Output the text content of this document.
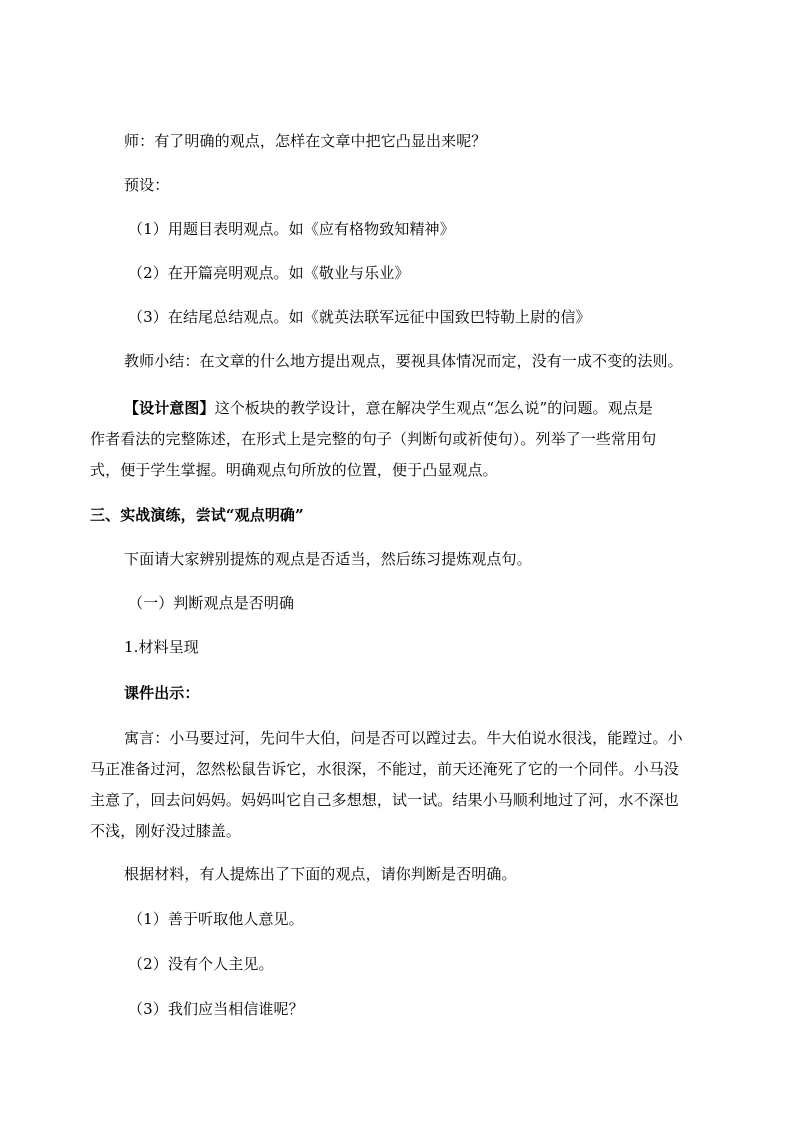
师：有了明确的观点，怎样在文章中把它凸显出来呢？
预设：
（1）用题目表明观点。如《应有格物致知精神》
（2）在开篇亮明观点。如《敬业与乐业》
（3）在结尾总结观点。如《就英法联军远征中国致巴特勒上尉的信》
教师小结：在文章的什么地方提出观点，要视具体情况而定，没有一成不变的法则。
【设计意图】这个板块的教学设计，意在解决学生观点“怎么说”的问题。观点是
作者看法的完整陈述，在形式上是完整的句子（判断句或祈使句）。列举了一些常用句
式，便于学生掌握。明确观点句所放的位置，便于凸显观点。
三、实战演练，尝试“观点明确”
下面请大家辨别提炼的观点是否适当，然后练习提炼观点句。
（一）判断观点是否明确
1.材料呈现
课件出示：
寓言：小马要过河，先问牛大伯，问是否可以蹚过去。牛大伯说水很浅，能蹚过。小
马正准备过河，忽然松鼠告诉它，水很深，不能过，前天还淹死了它的一个同伴。小马没
主意了，回去问妈妈。妈妈叫它自己多想想，试一试。结果小马顺利地过了河，水不深也
不浅，刚好没过膝盖。
根据材料，有人提炼出了下面的观点，请你判断是否明确。
（1）善于听取他人意见。
（2）没有个人主见。
（3）我们应当相信谁呢？
